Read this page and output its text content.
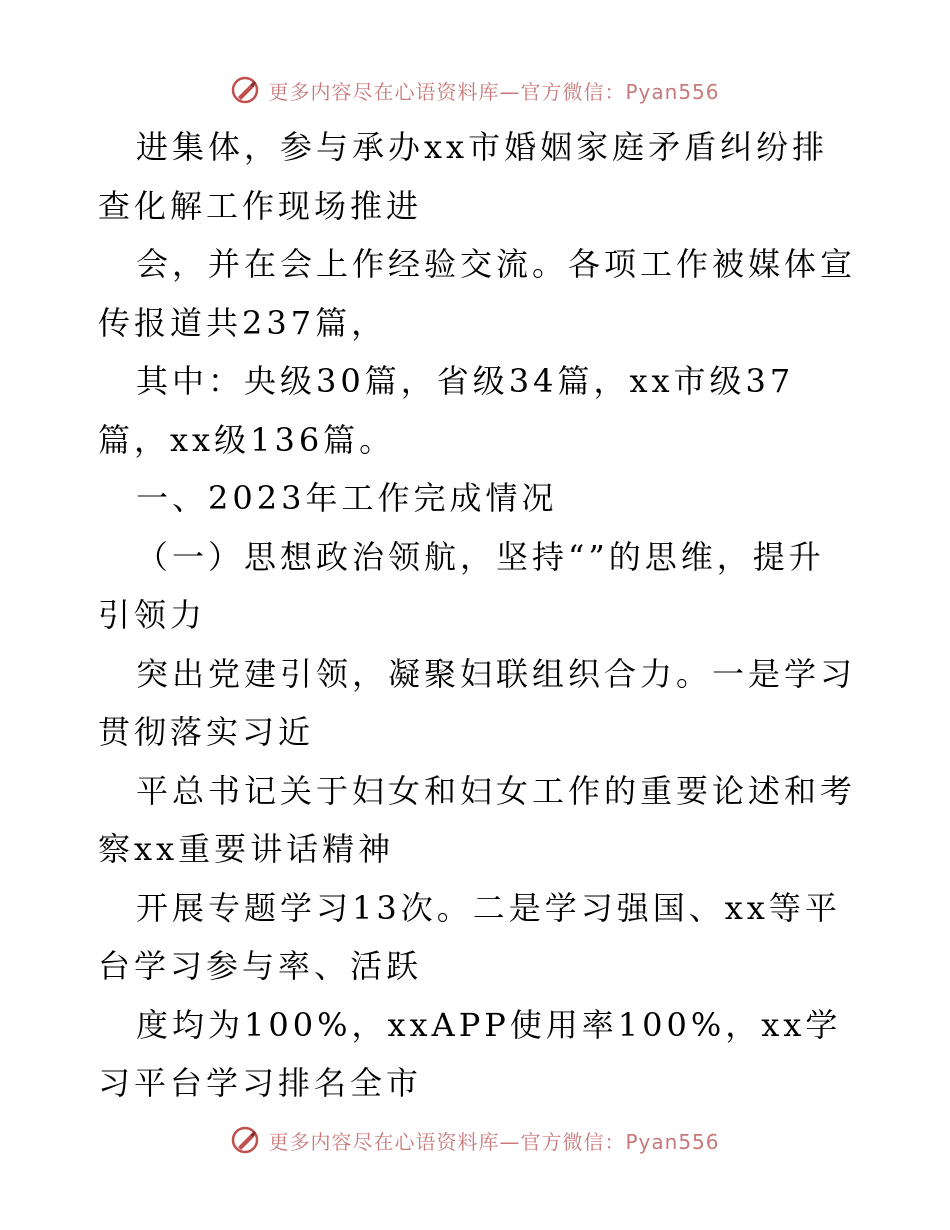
更多内容尽在心语资料库—官方微信：Pyan556

进集体，参与承办xx市婚姻家庭矛盾纠纷排查化解工作现场推进

会，并在会上作经验交流。各项工作被媒体宣传报道共237篇，

其中：央级30篇，省级34篇，xx市级37篇，xx级136篇。

一、2023年工作完成情况

（一）思想政治领航，坚持“”的思维，提升引领力

突出党建引领，凝聚妇联组织合力。一是学习贯彻落实习近

平总书记关于妇女和妇女工作的重要论述和考察xx重要讲话精神

开展专题学习13次。二是学习强国、xx等平台学习参与率、活跃

度均为100%，xxAPP使用率100%，xx学习平台学习排名全市

更多内容尽在心语资料库—官方微信：Pyan556
